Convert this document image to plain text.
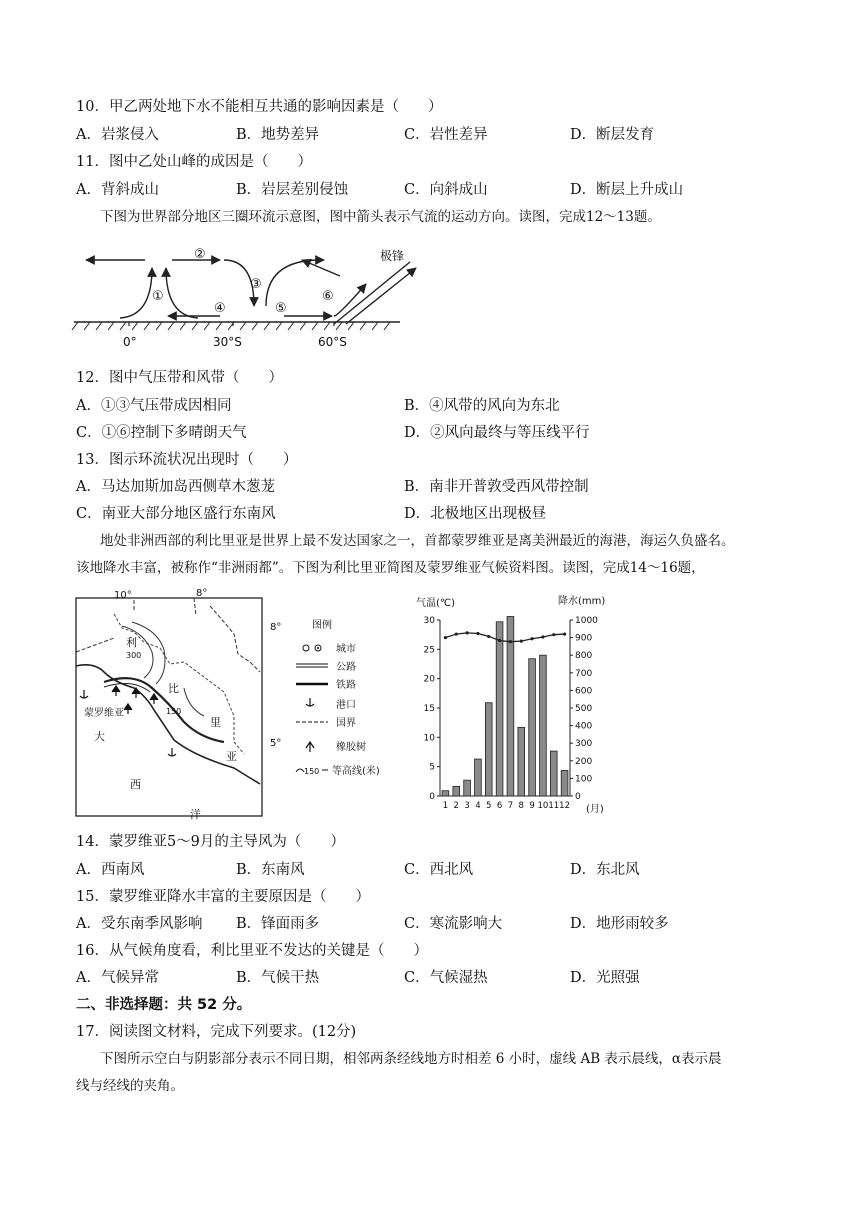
10．甲乙两处地下水不能相互共通的影响因素是（　　）
A．岩浆侵入	B．地势差异	C．岩性差异	D．断层发育
11．图中乙处山峰的成因是（　　）
A．背斜成山	B．岩层差别侵蚀	C．向斜成山	D．断层上升成山
下图为世界部分地区三圈环流示意图，图中箭头表示气流的运动方向。读图，完成12～13题。
极锋
0°	30°S	60°S
①
②
③
④	⑤
⑥
12．图中气压带和风带（　　）
A．①③气压带成因相同	B．④风带的风向为东北
C．①⑥控制下多晴朗天气	D．②风向最终与等压线平行
13．图示环流状况出现时（　　）
A．马达加斯加岛西侧草木葱茏	B．南非开普敦受西风带控制
C．南亚大部分地区盛行东南风	D．北极地区出现极昼
地处非洲西部的利比里亚是世界上最不发达国家之一，首都蒙罗维亚是离美洲最近的海港，海运久负盛名。
该地降水丰富，被称作“非洲雨都”。下图为利比里亚简图及蒙罗维亚气候资料图。读图，完成14～16题，
10°	8°
8°
5°
利
比
里
亚
大
西
洋
蒙罗维亚
300
150
图例
城市
公路
铁路
港口
国界
橡胶树
150 等高线(米)
气温(℃)	降水(mm)
(月)
0
5
10
15
20
25
30
0
100
200
300
400
500
600
700
800
900
1000
1 2 3 4 5 6 7 8 9 10 11 12
14．蒙罗维亚5～9月的主导风为（　　）
A．西南风	B．东南风	C．西北风	D．东北风
15．蒙罗维亚降水丰富的主要原因是（　　）
A．受东南季风影响 B．锋面雨多	C．寒流影响大	D．地形雨较多
16．从气候角度看，利比里亚不发达的关键是（　　）
A．气候异常	B．气候干热	C．气候湿热	D．光照强
二、非选择题：共 52 分。
17．阅读图文材料，完成下列要求。(12分)
下图所示空白与阴影部分表示不同日期，相邻两条经线地方时相差 6 小时，虚线 AB 表示晨线，α表示晨
线与经线的夹角。
